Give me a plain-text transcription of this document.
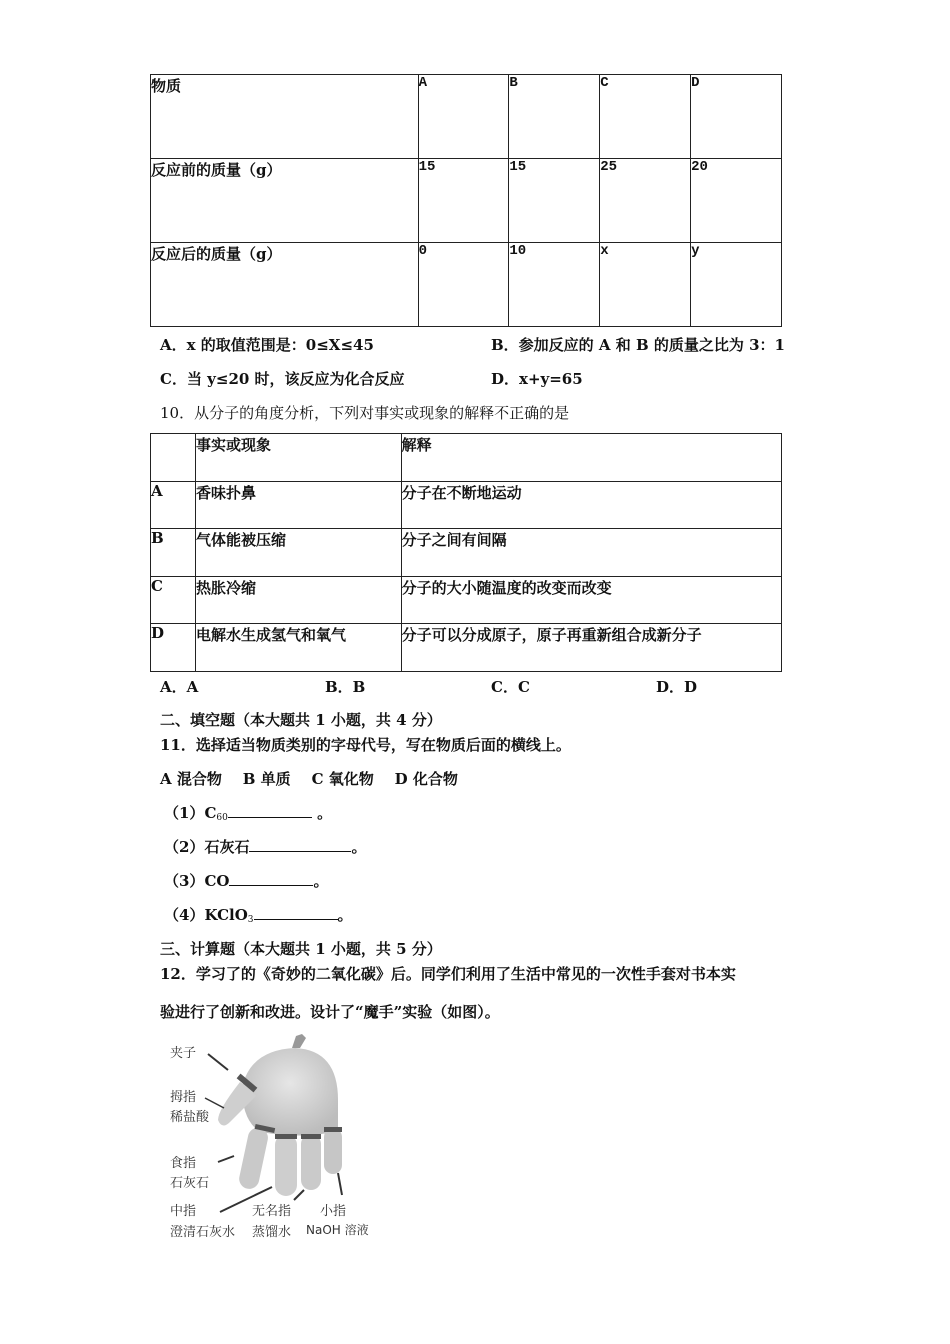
物质	A	B	C	D
反应前的质量（g）	15	15	25	20
反应后的质量（g）	0	10	x	y
A．x 的取值范围是：0≤X≤45	B．参加反应的 A 和 B 的质量之比为 3：1
C．当 y≤20 时，该反应为化合反应	D．x+y=65
10．从分子的角度分析，下列对事实或现象的解释不正确的是
	事实或现象	解释
A	香味扑鼻	分子在不断地运动
B	气体能被压缩	分子之间有间隔
C	热胀冷缩	分子的大小随温度的改变而改变
D	电解水生成氢气和氧气	分子可以分成原子，原子再重新组合成新分子
A．A	B．B	C．C	D．D
二、填空题（本大题共 1 小题，共 4 分）
11．选择适当物质类别的字母代号，写在物质后面的横线上。
A 混合物 B 单质 C 氧化物 D 化合物
$(1)C_{60}$	。
（2）石灰石	。
（3）CO	。
（4）KClO$_3$	。
三、计算题（本大题共 1 小题，共 5 分）
12．学习了的《奇妙的二氧化碳》后。同学们利用了生活中常见的一次性手套对书本实
验进行了创新和改进。设计了“魔手”实验（如图）。
夹子
拇指
稀盐酸
食指
石灰石
中指
澄清石灰水
无名指
蒸馏水
小指
NaOH 溶液
